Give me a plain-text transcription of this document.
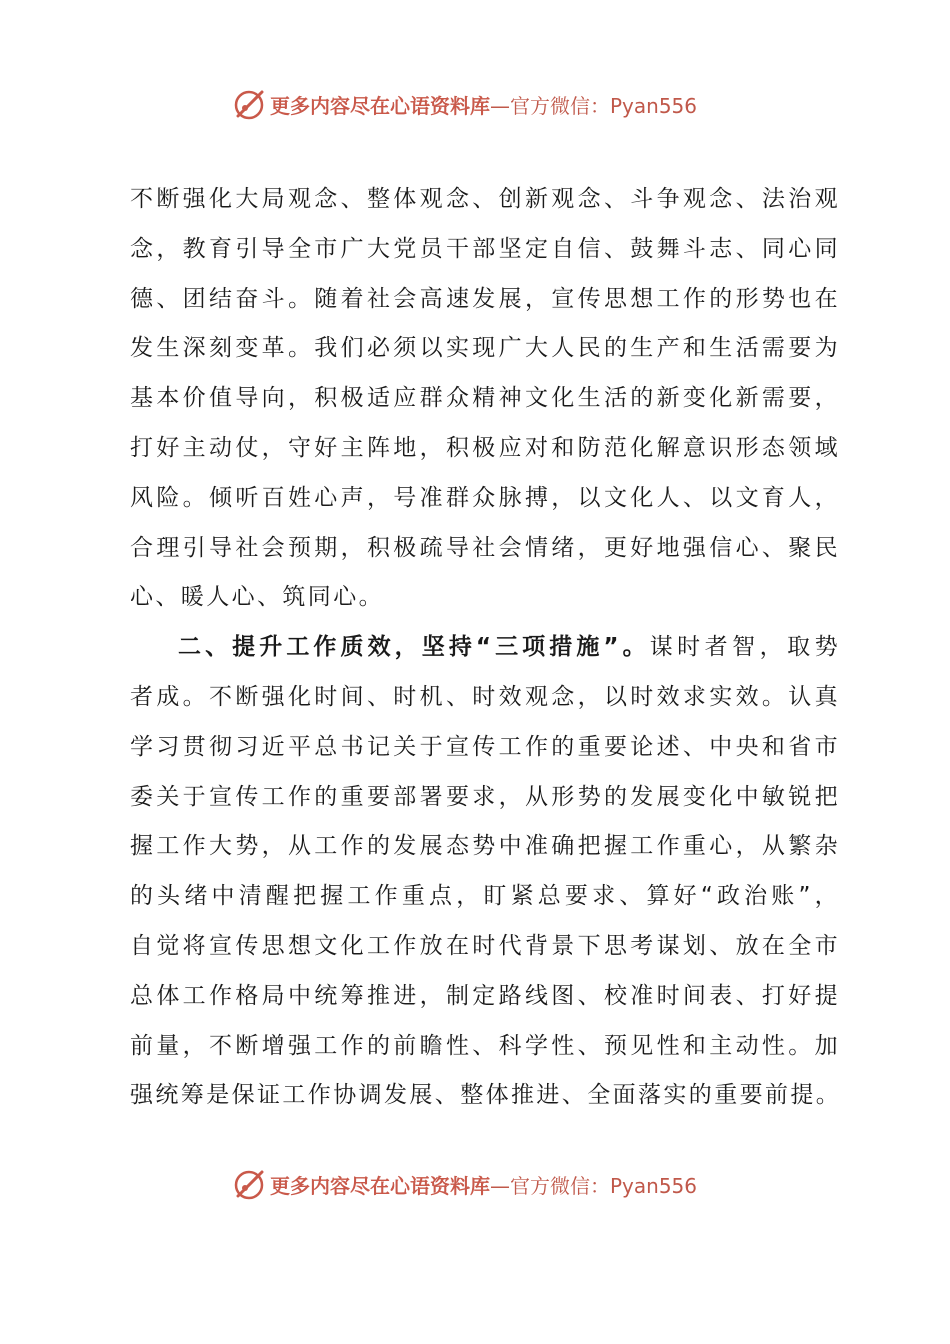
更多内容尽在心语资料库 —官方微信：Pyan556
不断强化大局观念、整体观念、创新观念、斗争观念、法治观
念，教育引导全市广大党员干部坚定自信、鼓舞斗志、同心同
德、团结奋斗。随着社会高速发展，宣传思想工作的形势也在
发生深刻变革。我们必须以实现广大人民的生产和生活需要为
基本价值导向，积极适应群众精神文化生活的新变化新需要，
打好主动仗，守好主阵地，积极应对和防范化解意识形态领域
风险。倾听百姓心声，号准群众脉搏，以文化人、以文育人，
合理引导社会预期，积极疏导社会情绪，更好地强信心、聚民
心、暖人心、筑同心。
二、提升工作质效，坚持“三项措施”。谋时者智，取势
者成。不断强化时间、时机、时效观念，以时效求实效。认真
学习贯彻习近平总书记关于宣传工作的重要论述、中央和省市
委关于宣传工作的重要部署要求，从形势的发展变化中敏锐把
握工作大势，从工作的发展态势中准确把握工作重心，从繁杂
的头绪中清醒把握工作重点，盯紧总要求、算好“政治账”，
自觉将宣传思想文化工作放在时代背景下思考谋划、放在全市
总体工作格局中统筹推进，制定路线图、校准时间表、打好提
前量，不断增强工作的前瞻性、科学性、预见性和主动性。加
强统筹是保证工作协调发展、整体推进、全面落实的重要前提。
更多内容尽在心语资料库 —官方微信：Pyan556
